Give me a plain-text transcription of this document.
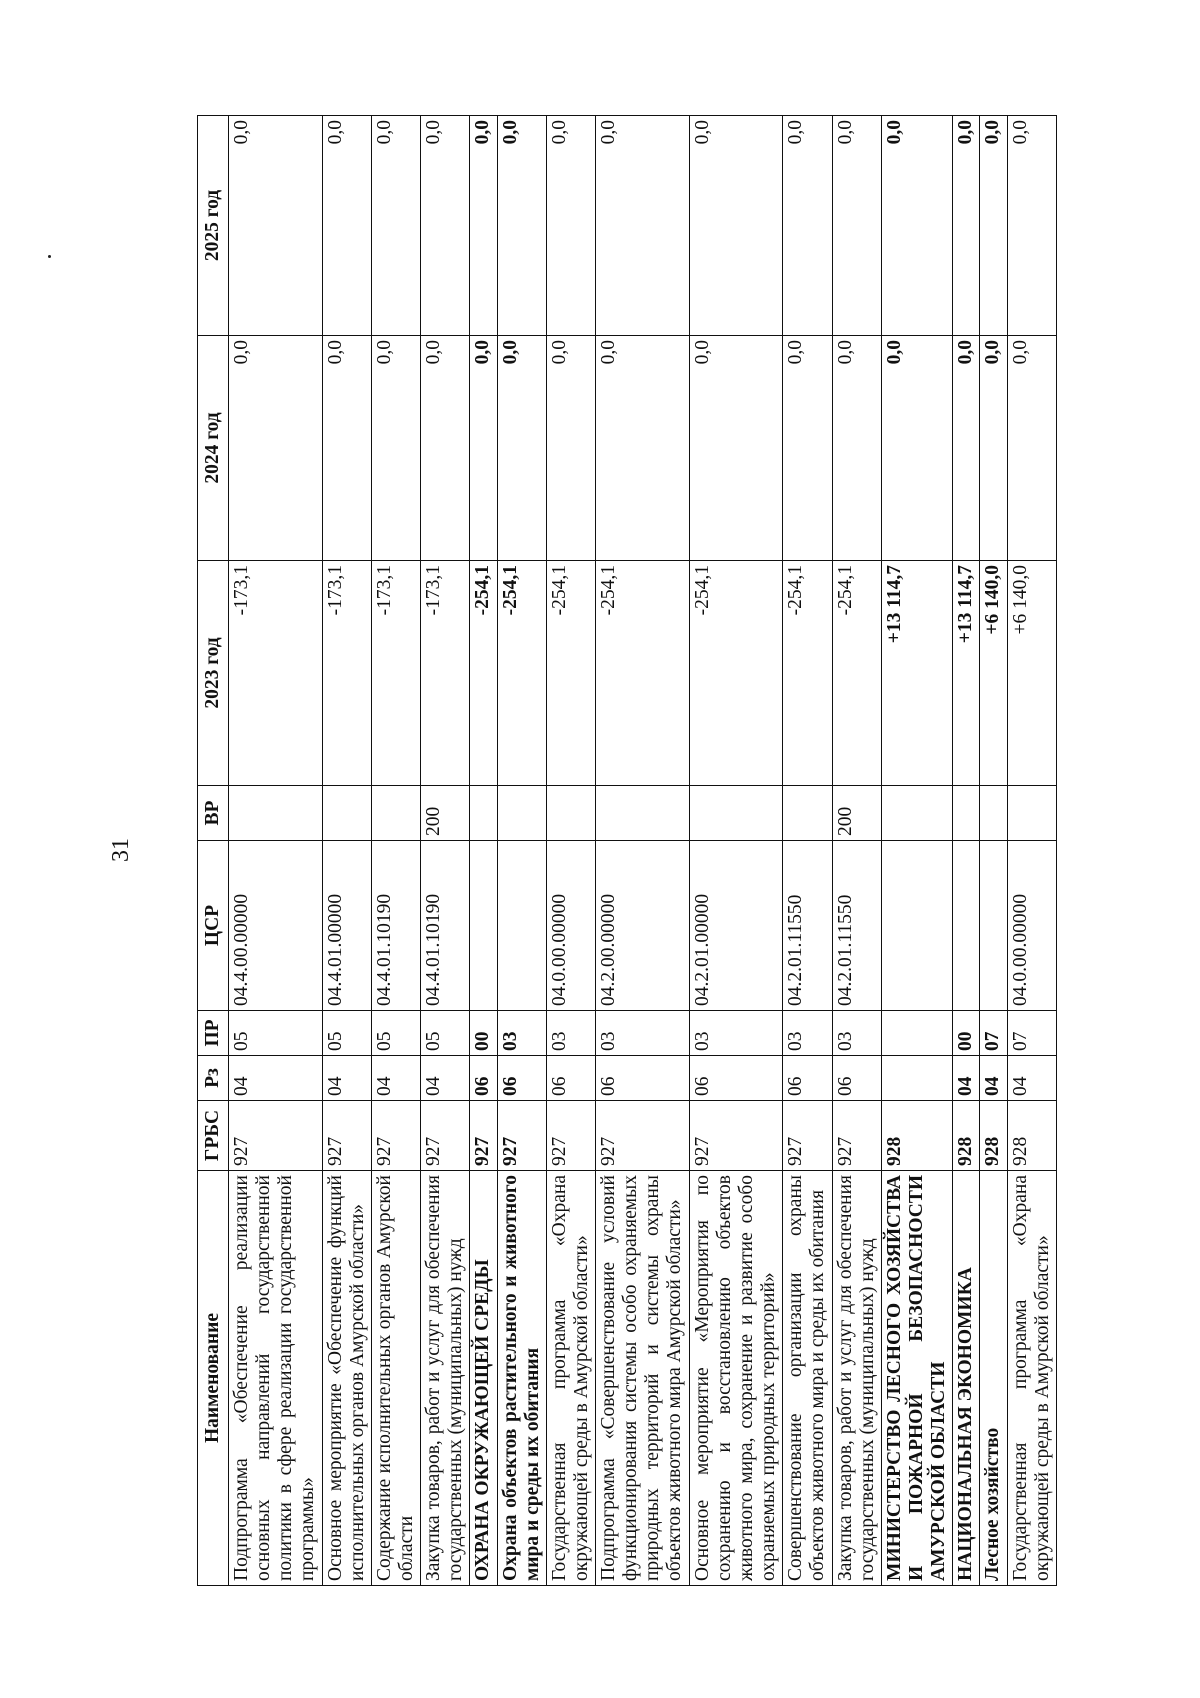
31
Наименование	ГРБС	Рз	ПР	ЦСР	ВР	2023 год	2024 год	2025 год
Подпрограмма «Обеспечение реализации основных направлений государственной политики в сфере реализации государственной программы»	927	04	05	04.4.00.00000		-173,1	0,0	0,0
Основное мероприятие «Обеспечение функций исполнительных органов Амурской области»	927	04	05	04.4.01.00000		-173,1	0,0	0,0
Содержание исполнительных органов Амурской области	927	04	05	04.4.01.10190		-173,1	0,0	0,0
Закупка товаров, работ и услуг для обеспечения государственных (муниципальных) нужд	927	04	05	04.4.01.10190	200	-173,1	0,0	0,0
ОХРАНА ОКРУЖАЮЩЕЙ СРЕДЫ	927	06	00			-254,1	0,0	0,0
Охрана объектов растительного и животного мира и среды их обитания	927	06	03			-254,1	0,0	0,0
Государственная программа «Охрана окружающей среды в Амурской области»	927	06	03	04.0.00.00000		-254,1	0,0	0,0
Подпрограмма «Совершенствование условий функционирования системы особо охраняемых природных территорий и системы охраны объектов животного мира Амурской области»	927	06	03	04.2.00.00000		-254,1	0,0	0,0
Основное мероприятие «Мероприятия по сохранению и восстановлению объектов животного мира, сохранение и развитие особо охраняемых природных территорий»	927	06	03	04.2.01.00000		-254,1	0,0	0,0
Совершенствование организации охраны объектов животного мира и среды их обитания	927	06	03	04.2.01.11550		-254,1	0,0	0,0
Закупка товаров, работ и услуг для обеспечения государственных (муниципальных) нужд	927	06	03	04.2.01.11550	200	-254,1	0,0	0,0
МИНИСТЕРСТВО ЛЕСНОГО ХОЗЯЙСТВА И ПОЖАРНОЙ БЕЗОПАСНОСТИ АМУРСКОЙ ОБЛАСТИ	928					+13 114,7	0,0	0,0
НАЦИОНАЛЬНАЯ ЭКОНОМИКА	928	04	00			+13 114,7	0,0	0,0
Лесное хозяйство	928	04	07			+6 140,0	0,0	0,0
Государственная программа «Охрана окружающей среды в Амурской области»	928	04	07	04.0.00.00000		+6 140,0	0,0	0,0
